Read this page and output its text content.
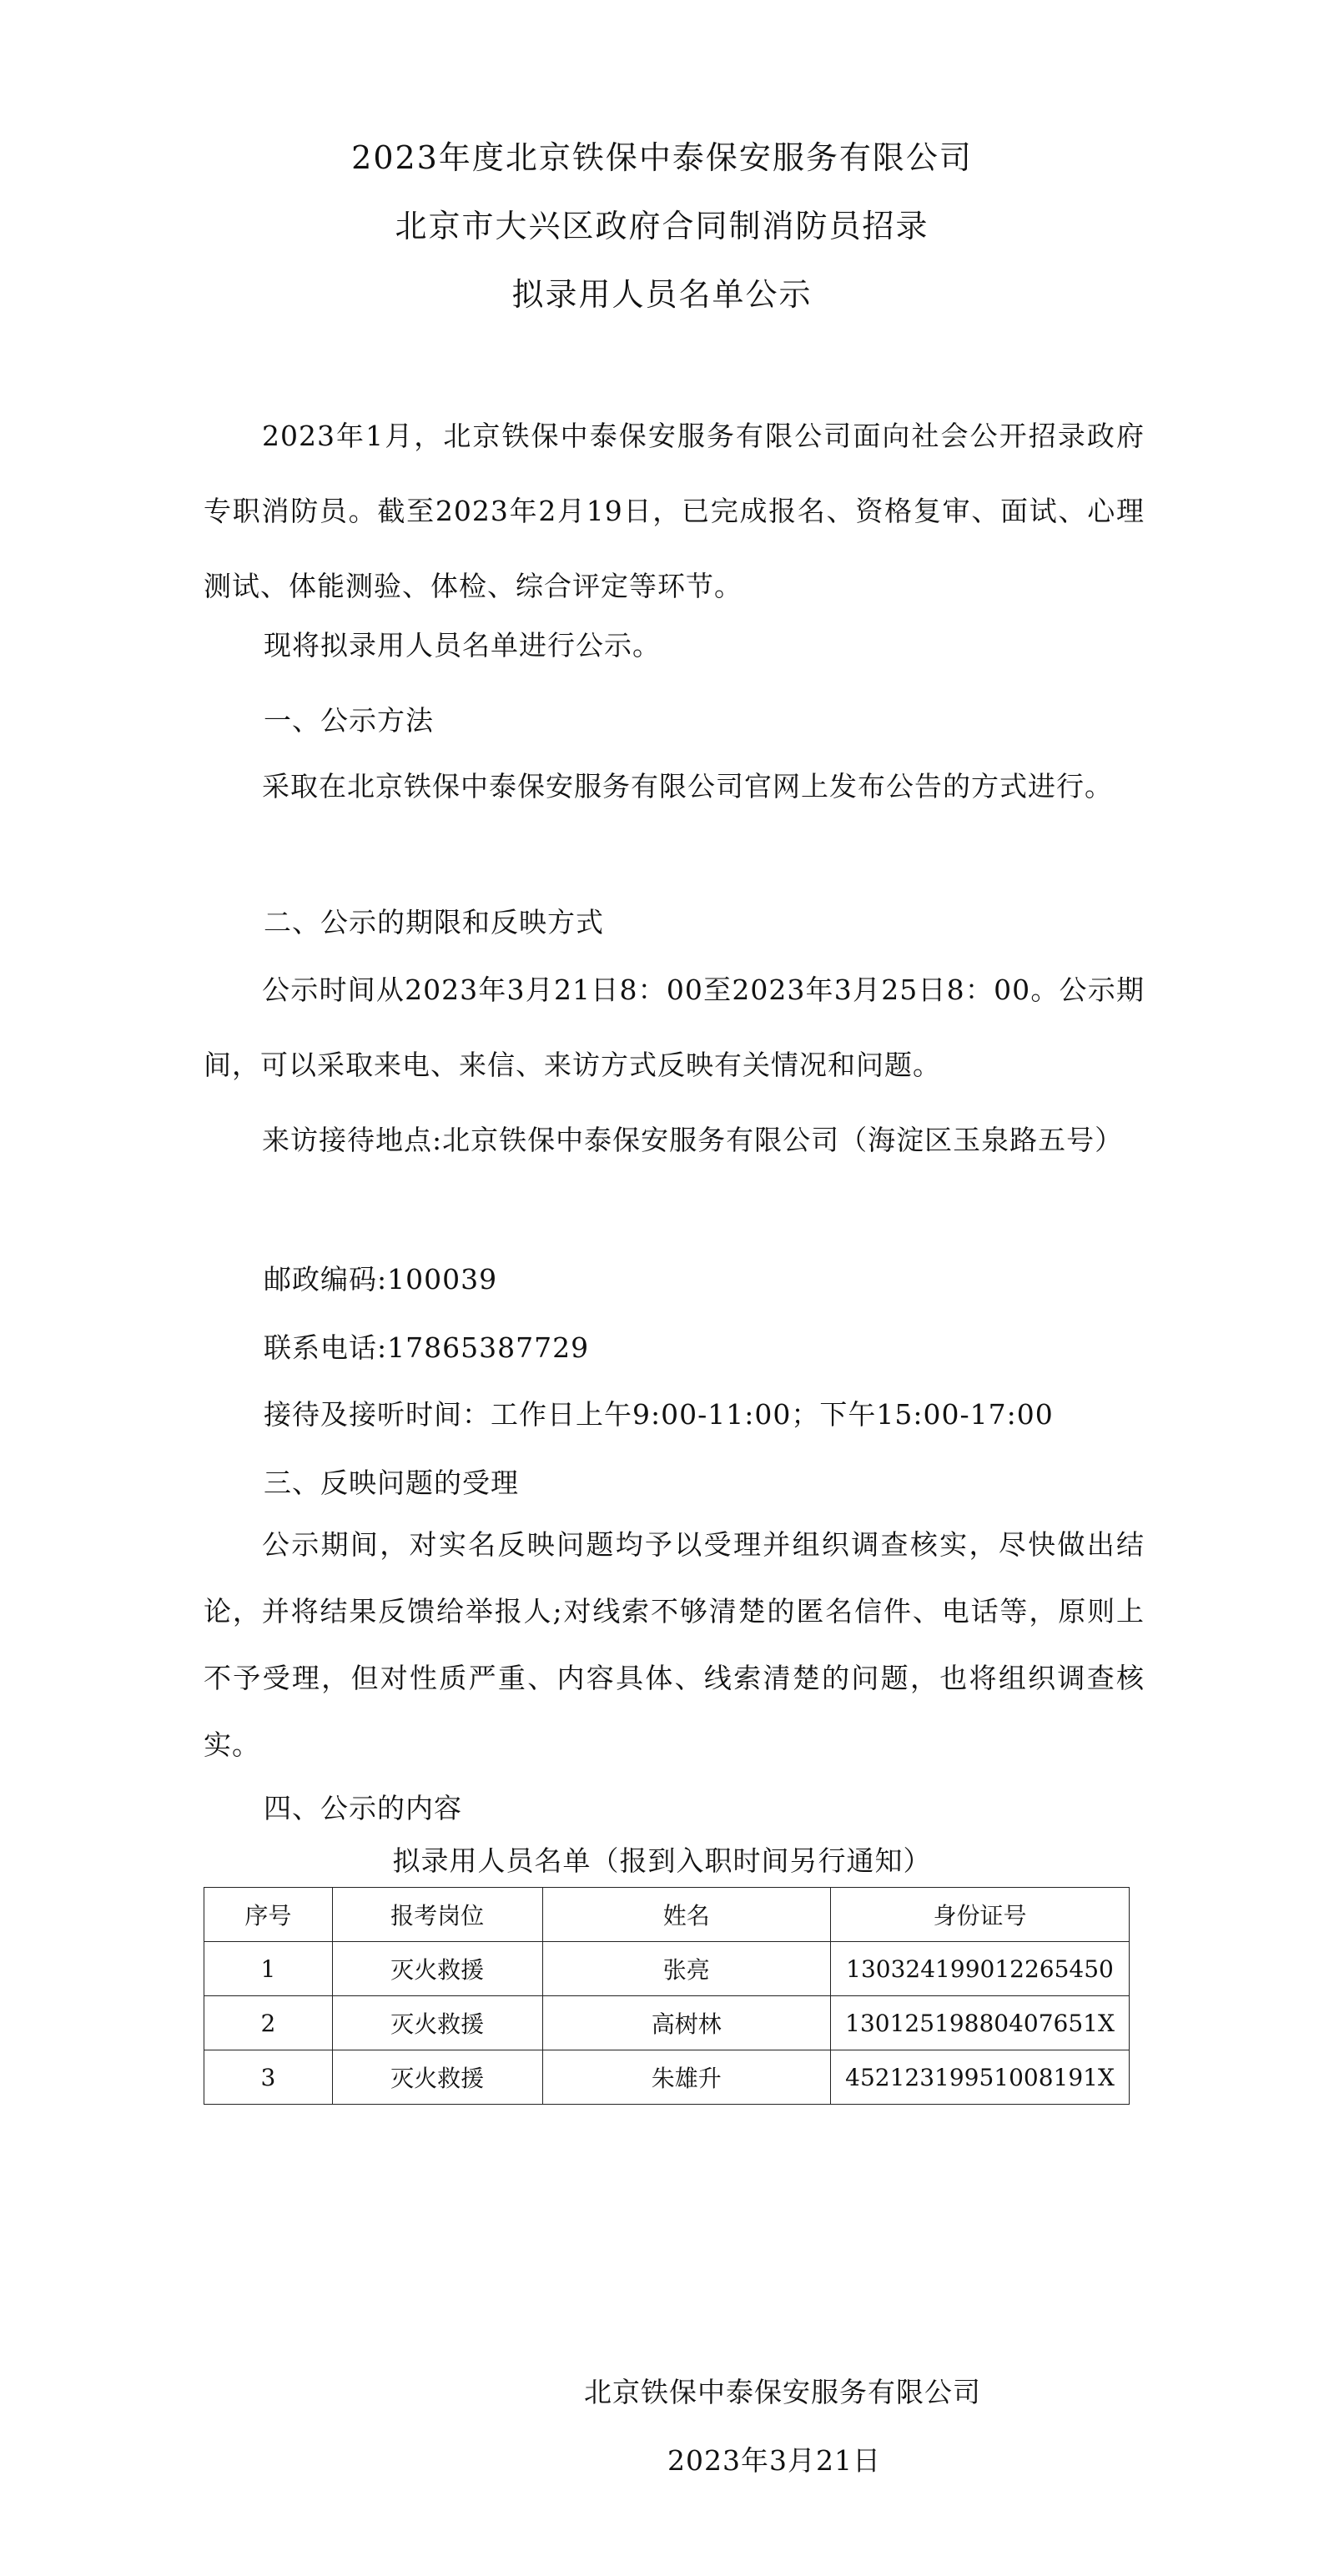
2023年度北京铁保中泰保安服务有限公司
北京市大兴区政府合同制消防员招录
拟录用人员名单公示

2023年1月，北京铁保中泰保安服务有限公司面向社会公开招录政府专职消防员。截至2023年2月19日，已完成报名、资格复审、面试、心理测试、体能测验、体检、综合评定等环节。

现将拟录用人员名单进行公示。
一、公示方法

采取在北京铁保中泰保安服务有限公司官网上发布公告的方式进行。

二、公示的期限和反映方式

公示时间从2023年3月21日8：00至2023年3月25日8：00。公示期间，可以采取来电、来信、来访方式反映有关情况和问题。

来访接待地点:北京铁保中泰保安服务有限公司（海淀区玉泉路五号）

邮政编码:100039
联系电话:17865387729
接待及接听时间：工作日上午9:00-11:00；下午15:00-17:00
三、反映问题的受理

公示期间，对实名反映问题均予以受理并组织调查核实，尽快做出结论，并将结果反馈给举报人;对线索不够清楚的匿名信件、电话等，原则上不予受理，但对性质严重、内容具体、线索清楚的问题，也将组织调查核实。

四、公示的内容
拟录用人员名单（报到入职时间另行通知）
序号	报考岗位	姓名	身份证号
1	灭火救援	张亮	130324199012265450
2	灭火救援	高树林	13012519880407651X
3	灭火救援	朱雄升	45212319951008191X
北京铁保中泰保安服务有限公司
2023年3月21日
